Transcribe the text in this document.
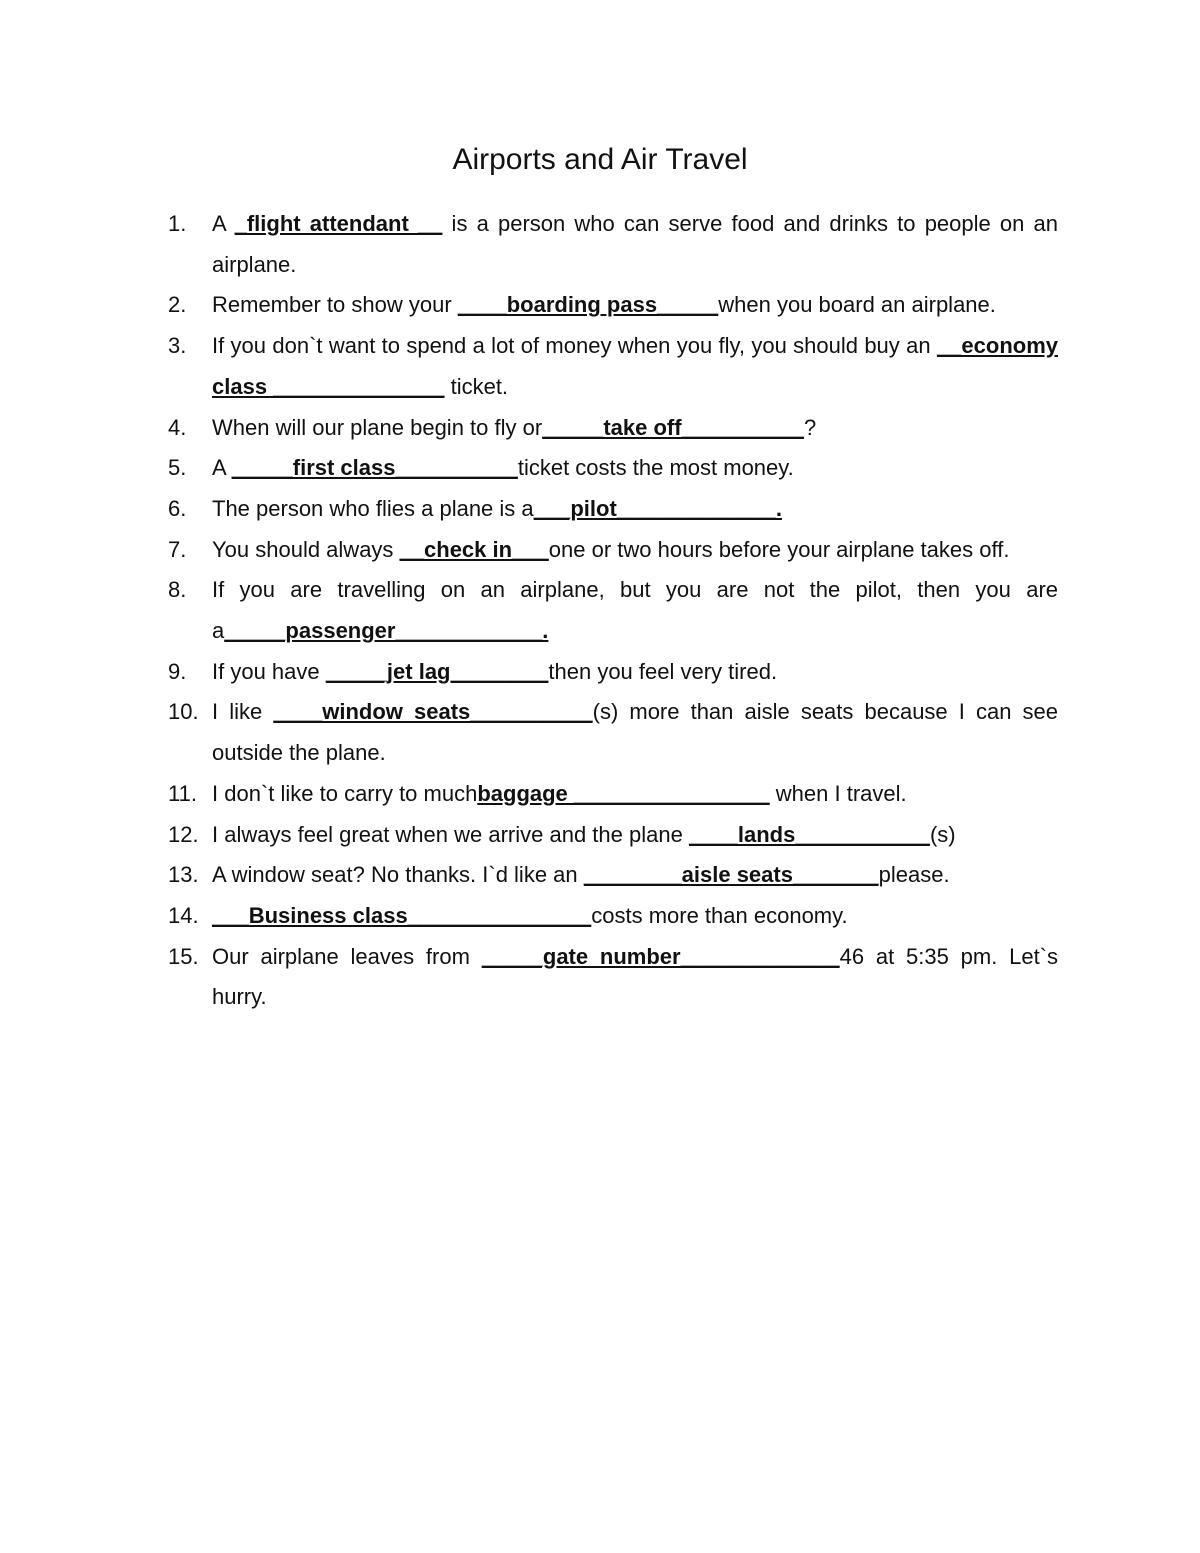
Airports and Air Travel
1.	A _flight attendant __ is a person who can serve food and drinks to people on an airplane.
2.	Remember to show your ____boarding pass_____when you board an airplane.
3.	If you don`t want to spend a lot of money when you fly, you should buy an __economy class ______________ ticket.
4.	When will our plane begin to fly or_____take off__________?
5.	A _____first class__________ticket costs the most money.
6.	The person who flies a plane is a___pilot_____________.
7.	You should always __check in___one or two hours before your airplane takes off.
8.	If you are travelling on an airplane, but you are not the pilot, then you are a_____passenger____________.
9.	If you have _____jet lag________then you feel very tired.
10. I like ____window seats__________(s) more than aisle seats because I can see outside the plane.
11. I don`t like to carry to muchbaggage ________________ when I travel.
12. I always feel great when we arrive and the plane ____lands___________(s)
13. A window seat? No thanks. I`d like an ________aisle seats_______please.
14. ___Business class_______________costs more than economy.
15. Our airplane leaves from _____gate number_____________46 at 5:35 pm. Let`s hurry.
